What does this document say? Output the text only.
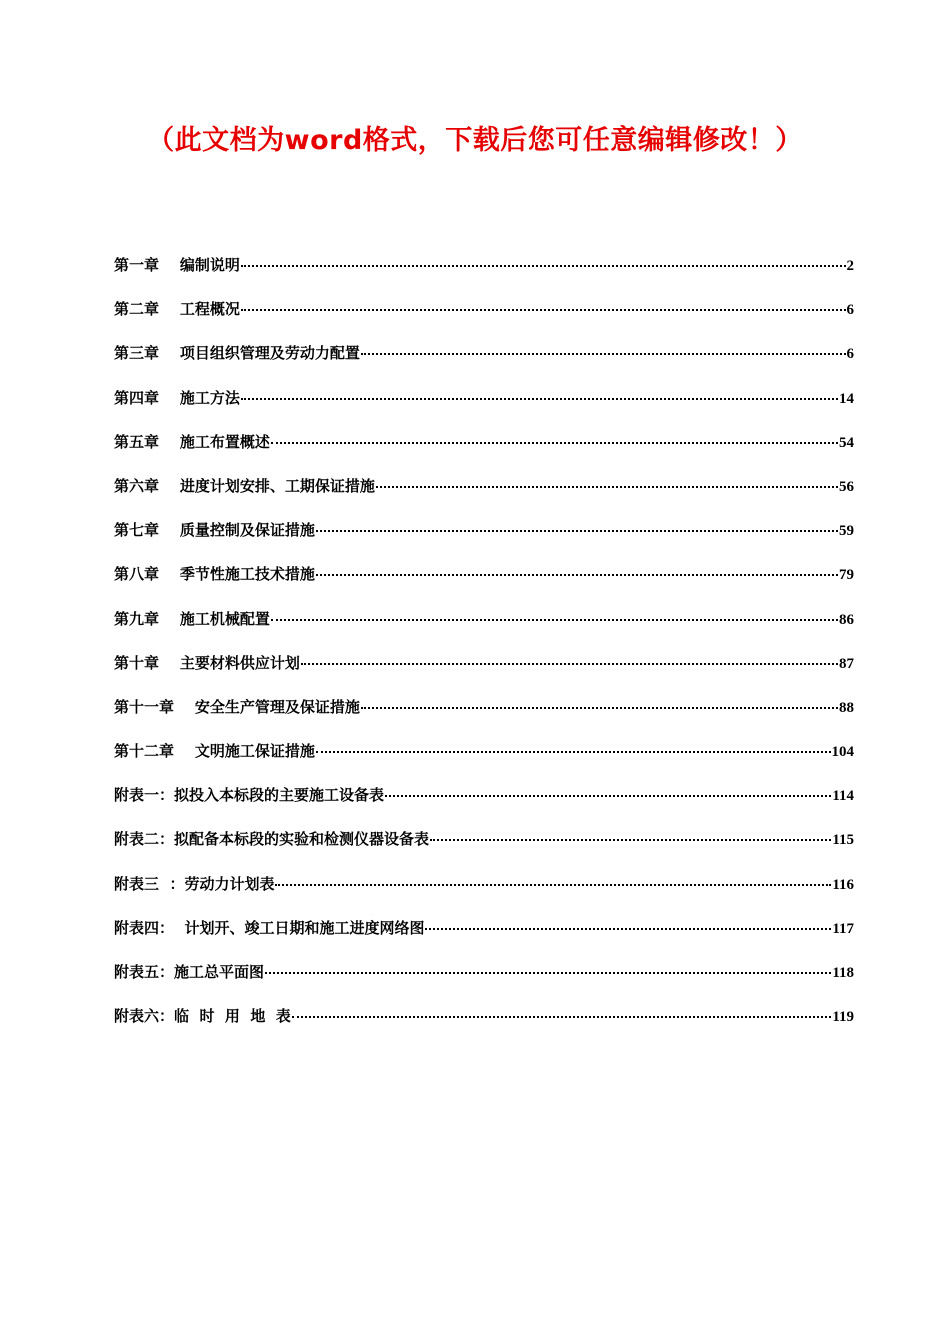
（此文档为word格式，下载后您可任意编辑修改！）
第一章    编制说明	2
第二章    工程概况	6
第三章    项目组织管理及劳动力配置	6
第四章    施工方法	14
第五章    施工布置概述	54
第六章    进度计划安排、工期保证措施	56
第七章    质量控制及保证措施	59
第八章    季节性施工技术措施	79
第九章    施工机械配置	86
第十章    主要材料供应计划	87
第十一章    安全生产管理及保证措施	88
第十二章    文明施工保证措施	104
附表一：拟投入本标段的主要施工设备表	114
附表二：拟配备本标段的实验和检测仪器设备表	115
附表三  ：劳动力计划表	116
附表四：  计划开、竣工日期和施工进度网络图	117
附表五：施工总平面图	118
附表六：临  时  用  地  表	119
